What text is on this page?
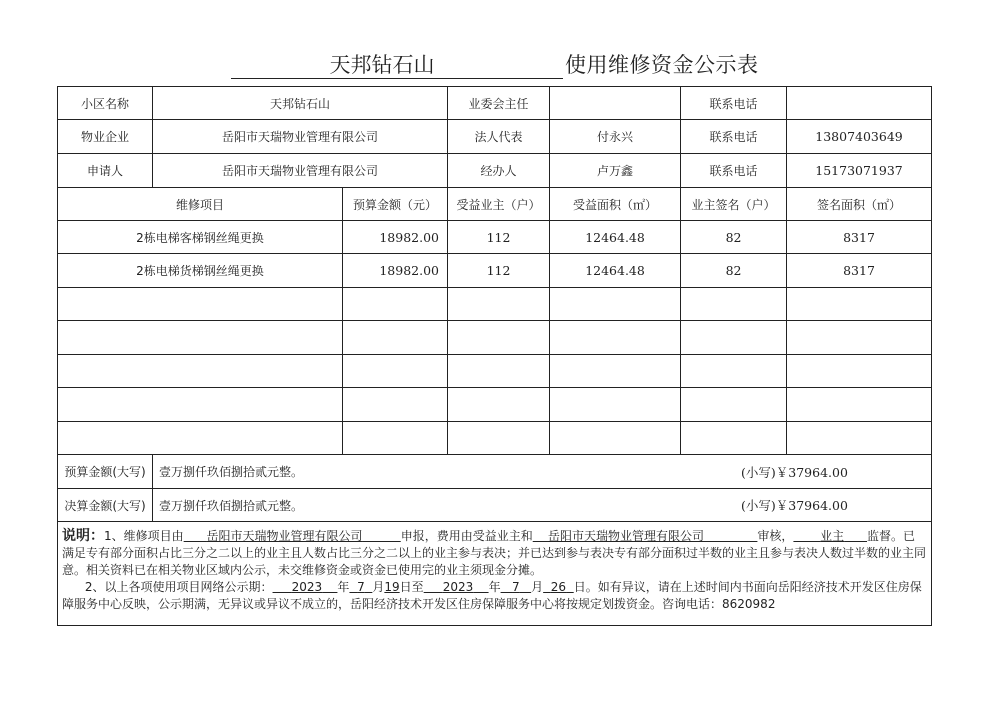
天邦钻石山	使用维修资金公示表
小区名称	天邦钻石山		业委会主任		联系电话	
物业企业	岳阳市天瑞物业管理有限公司		法人代表	付永兴	联系电话	13807403649
申请人	岳阳市天瑞物业管理有限公司		经办人	卢万鑫	联系电话	15173071937
维修项目		预算金额（元）	受益业主（户）	受益面积（㎡）	业主签名（户）	签名面积（㎡）
2栋电梯客梯钢丝绳更换		18982.00	112	12464.48	82	8317
2栋电梯货梯钢丝绳更换		18982.00	112	12464.48	82	8317

预算金额(大写)	壹万捌仟玖佰捌拾贰元整。 (小写)￥37964.00					

决算金额(大写)	壹万捌仟玖佰捌拾贰元整。 (小写)￥37964.00					

说明：1、维修项目由 岳阳市天瑞物业管理有限公司 申报，费用由受益业主和 岳阳市天瑞物业管理有限公司 审核， 业主 监督。已满足专有部分面积占比三分之二以上的业主且人数占比三分之二以上的业主参与表决；并已达到参与表决专有部分面积过半数的业主且参与表决人数过半数的业主同意。相关资料已在相关物业区域内公示，未交维修资金或资金已使用完的业主须现金分摊。
2、以上各项使用项目网络公示期： 2023 年 7 月19日至 2023 年 7 月 26 日。如有异议，请在上述时间内书面向岳阳经济技术开发区住房保障服务中心反映，公示期满，无异议或异议不成立的，岳阳经济技术开发区住房保障服务中心将按规定划拨资金。咨询电话：8620982						
